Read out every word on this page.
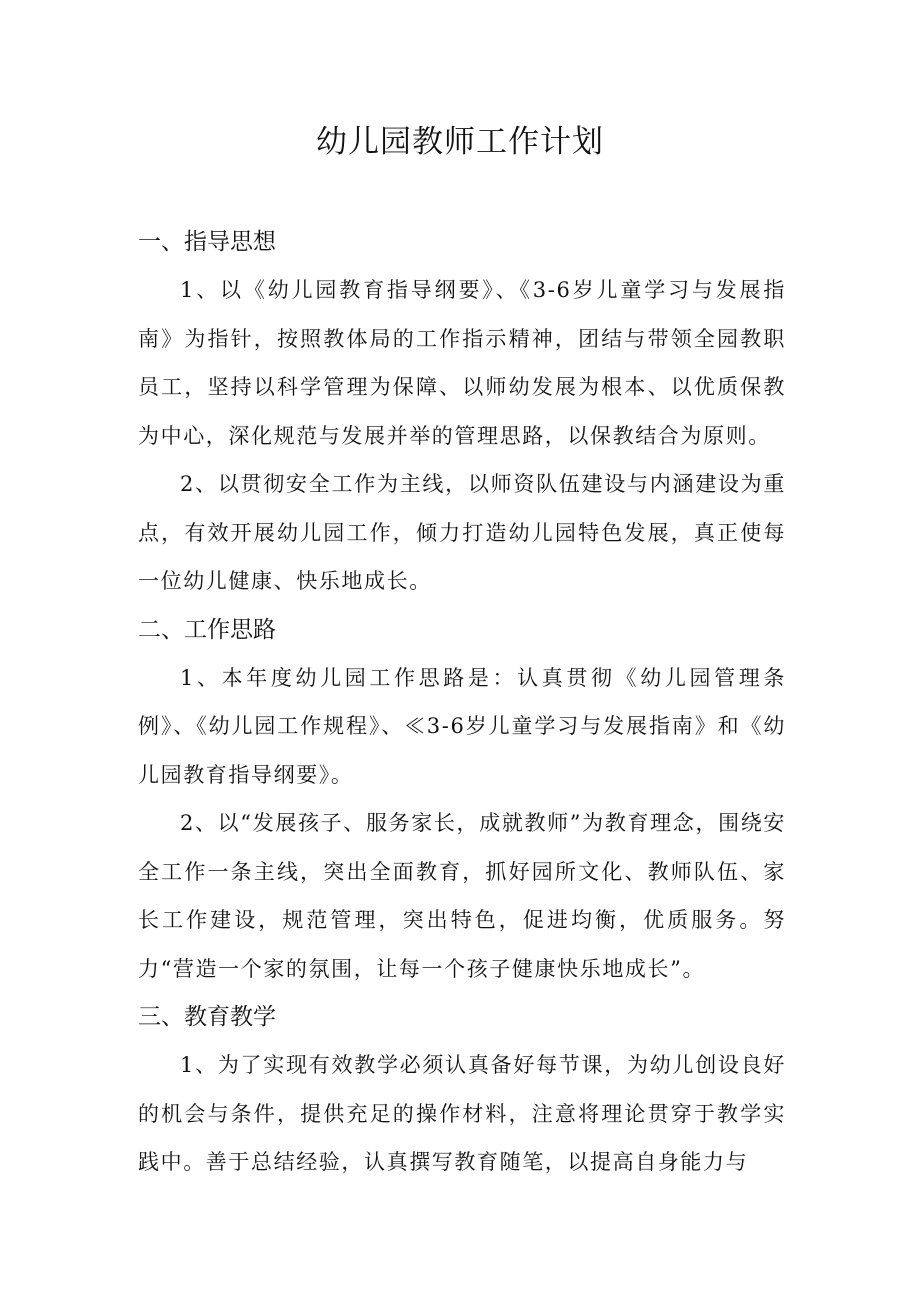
幼儿园教师工作计划
一、指导思想

1、以《幼儿园教育指导纲要》、《3-6岁儿童学习与发展指南》为指针，按照教体局的工作指示精神，团结与带领全园教职员工，坚持以科学管理为保障、以师幼发展为根本、以优质保教为中心，深化规范与发展并举的管理思路，以保教结合为原则。

2、以贯彻安全工作为主线，以师资队伍建设与内涵建设为重点，有效开展幼儿园工作，倾力打造幼儿园特色发展，真正使每一位幼儿健康、快乐地成长。

二、工作思路

1、本年度幼儿园工作思路是：认真贯彻《幼儿园管理条例》、《幼儿园工作规程》、≪3-6岁儿童学习与发展指南》和《幼儿园教育指导纲要》。

2、以“发展孩子、服务家长，成就教师”为教育理念，围绕安全工作一条主线，突出全面教育，抓好园所文化、教师队伍、家长工作建设，规范管理，突出特色，促进均衡，优质服务。努力“营造一个家的氛围，让每一个孩子健康快乐地成长”。

三、教育教学

1、为了实现有效教学必须认真备好每节课，为幼儿创设良好的机会与条件，提供充足的操作材料，注意将理论贯穿于教学实践中。善于总结经验，认真撰写教育随笔，以提高自身能力与
